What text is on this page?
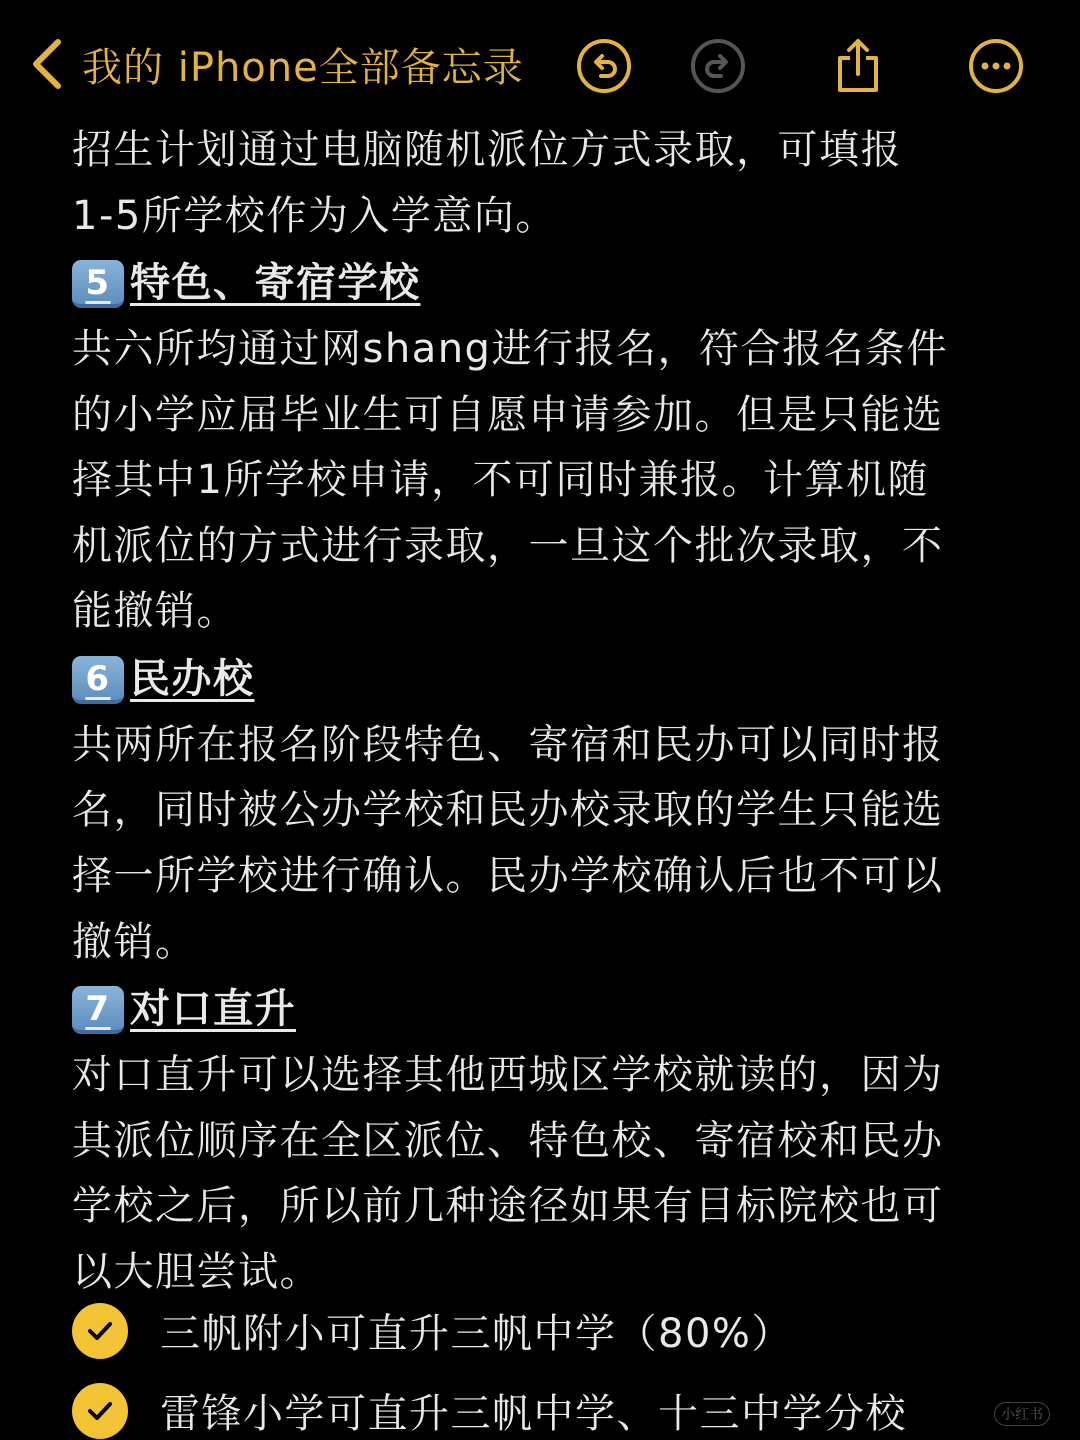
我的 iPhone全部备忘录

招生计划通过电脑随机派位方式录取，可填报

1-5所学校作为入学意向。

5 特色、寄宿学校

共六所均通过网shang进行报名，符合报名条件

的小学应届毕业生可自愿申请参加。但是只能选

择其中1所学校申请，不可同时兼报。计算机随

机派位的方式进行录取，一旦这个批次录取，不

能撤销。

6 民办校

共两所在报名阶段特色、寄宿和民办可以同时报

名，同时被公办学校和民办校录取的学生只能选

择一所学校进行确认。民办学校确认后也不可以

撤销。

7 对口直升

对口直升可以选择其他西城区学校就读的，因为

其派位顺序在全区派位、特色校、寄宿校和民办

学校之后，所以前几种途径如果有目标院校也可

以大胆尝试。

三帆附小可直升三帆中学（80%）
雷锋小学可直升三帆中学、十三中学分校	小红书
